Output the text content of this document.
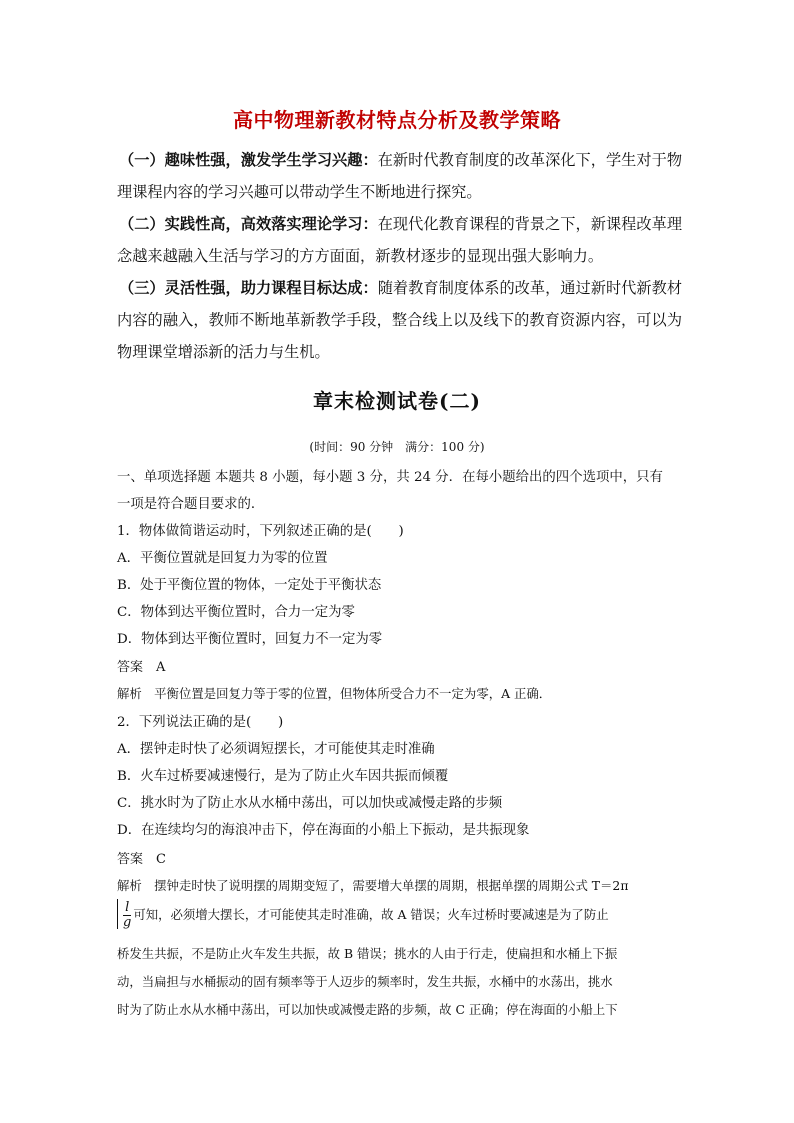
高中物理新教材特点分析及教学策略
（一）趣味性强，激发学生学习兴趣：在新时代教育制度的改革深化下，学生对于物理课程内容的学习兴趣可以带动学生不断地进行探究。
（二）实践性高，高效落实理论学习：在现代化教育课程的背景之下，新课程改革理念越来越融入生活与学习的方方面面，新教材逐步的显现出强大影响力。
（三）灵活性强，助力课程目标达成：随着教育制度体系的改革，通过新时代新教材内容的融入，教师不断地革新教学手段，整合线上以及线下的教育资源内容，可以为物理课堂增添新的活力与生机。
章末检测试卷(二)
(时间：90 分钟　满分：100 分)
一、单项选择题 本题共 8 小题，每小题 3 分，共 24 分．在每小题给出的四个选项中，只有
一项是符合题目要求的．
1．物体做简谐运动时，下列叙述正确的是(　　)
A．平衡位置就是回复力为零的位置
B．处于平衡位置的物体，一定处于平衡状态
C．物体到达平衡位置时，合力一定为零
D．物体到达平衡位置时，回复力不一定为零
答案　A
解析　平衡位置是回复力等于零的位置，但物体所受合力不一定为零，A 正确．
2．下列说法正确的是(　　)
A．摆钟走时快了必须调短摆长，才可能使其走时准确
B．火车过桥要减速慢行，是为了防止火车因共振而倾覆
C．挑水时为了防止水从水桶中荡出，可以加快或减慢走路的步频
D．在连续均匀的海浪冲击下，停在海面的小船上下振动，是共振现象
答案　C
解析　摆钟走时快了说明摆的周期变短了，需要增大单摆的周期，根据单摆的周期公式 T＝2π
$\frac{l}{g}$ 可知，必须增大摆长，才可能使其走时准确，故 A 错误；火车过桥时要减速是为了防止
桥发生共振，不是防止火车发生共振，故 B 错误；挑水的人由于行走，使扁担和水桶上下振
动，当扁担与水桶振动的固有频率等于人迈步的频率时，发生共振，水桶中的水荡出，挑水
时为了防止水从水桶中荡出，可以加快或减慢走路的步频，故 C 正确；停在海面的小船上下
